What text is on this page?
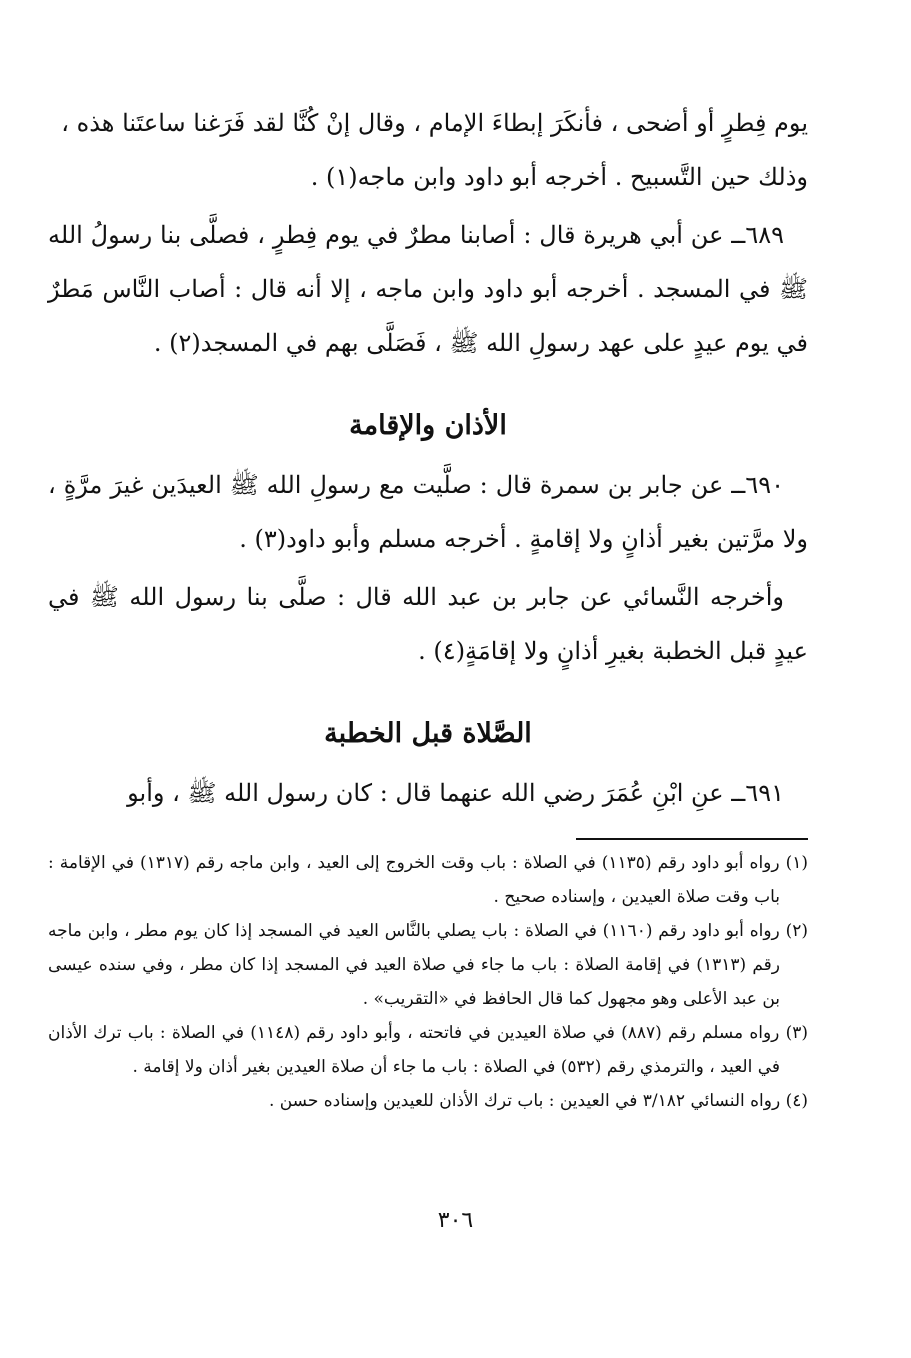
يوم فِطرٍ أو أضحى ، فأنكَرَ إبطاءَ الإمام ، وقال إنْ كُنَّا لقد فَرَغنا ساعتَنا هذه ،
وذلك حين التَّسبيح . أخرجه أبو داود وابن ماجه(١) .

٦٨٩ــ عن أبي هريرة قال : أصابنا مطرٌ في يوم فِطرٍ ، فصلَّى بنا رسولُ الله ﷺ في المسجد . أخرجه أبو داود وابن ماجه ، إلا أنه قال : أصاب النَّاس مَطرٌ في يوم عيدٍ على عهد رسولِ الله ﷺ ، فَصَلَّى بهم في المسجد(٢) .

الأذان والإقامة

٦٩٠ــ عن جابر بن سمرة قال : صلَّيت مع رسولِ الله ﷺ العيدَين غيرَ مرَّةٍ ، ولا مرَّتين بغير أذانٍ ولا إقامةٍ . أخرجه مسلم وأبو داود(٣) .

وأخرجه النَّسائي عن جابر بن عبد الله قال : صلَّى بنا رسول الله ﷺ في عيدٍ قبل الخطبة بغيرِ أذانٍ ولا إقامَةٍ(٤) .

الصَّلاة قبل الخطبة

٦٩١ــ عنِ ابْنِ عُمَرَ رضي الله عنهما قال : كان رسول الله ﷺ ، وأبو

(١) رواه أبو داود رقم (١١٣٥) في الصلاة : باب وقت الخروج إلى العيد ، وابن ماجه رقم (١٣١٧) في الإقامة : باب وقت صلاة العيدين ، وإسناده صحيح .

(٢) رواه أبو داود رقم (١١٦٠) في الصلاة : باب يصلي بالنَّاس العيد في المسجد إذا كان يوم مطر ، وابن ماجه رقم (١٣١٣) في إقامة الصلاة : باب ما جاء في صلاة العيد في المسجد إذا كان مطر ، وفي سنده عيسى بن عبد الأعلى وهو مجهول كما قال الحافظ في «التقريب» .

(٣) رواه مسلم رقم (٨٨٧) في صلاة العيدين في فاتحته ، وأبو داود رقم (١١٤٨) في الصلاة : باب ترك الأذان في العيد ، والترمذي رقم (٥٣٢) في الصلاة : باب ما جاء أن صلاة العيدين بغير أذان ولا إقامة .

(٤) رواه النسائي ٣/١٨٢ في العيدين : باب ترك الأذان للعيدين وإسناده حسن .

٣٠٦
